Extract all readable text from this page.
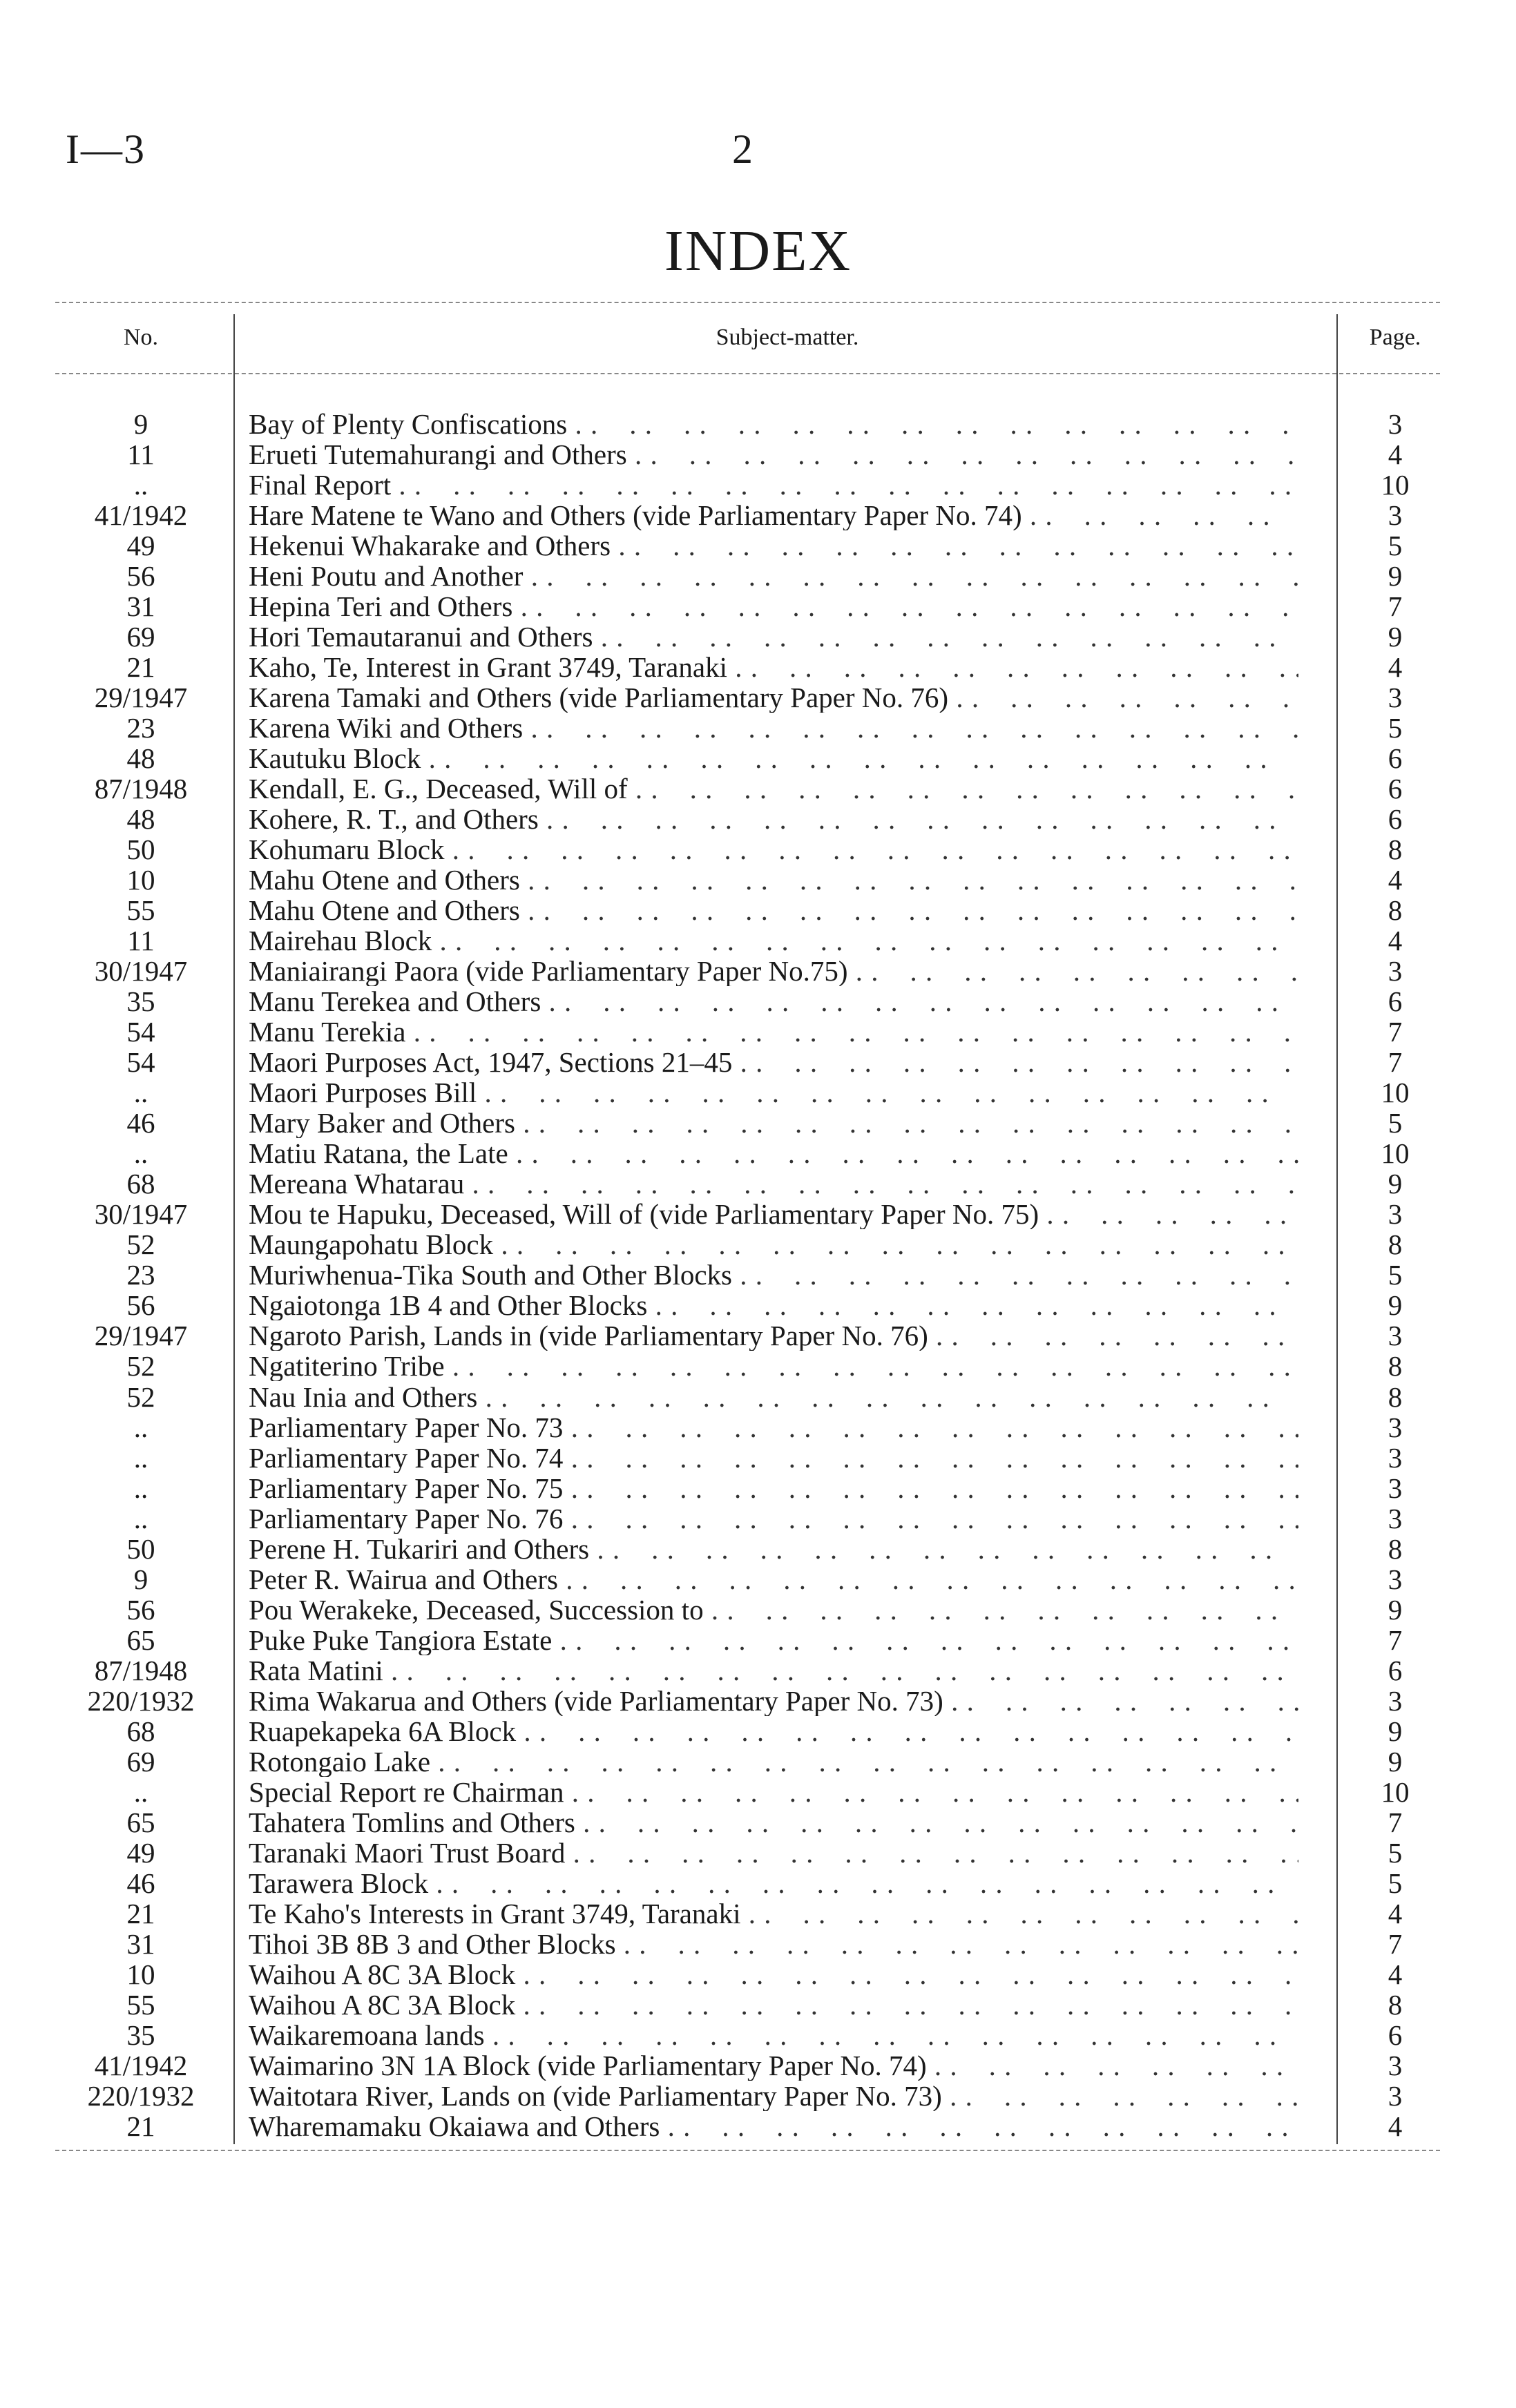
I—3	2
INDEX
No.	Subject-matter.	Page.
9	Bay of Plenty Confiscations . .	3
11	Erueti Tutemahurangi and Others . .	4
..	Final Report . .	10
41/1942	Hare Matene te Wano and Others (vide Parliamentary Paper No. 74) . .	3
49	Hekenui Whakarake and Others . .	5
56	Heni Poutu and Another . .	9
31	Hepina Teri and Others . .	7
69	Hori Temautaranui and Others . .	9
21	Kaho, Te, Interest in Grant 3749, Taranaki . .	4
29/1947	Karena Tamaki and Others (vide Parliamentary Paper No. 76) . .	3
23	Karena Wiki and Others . .	5
48	Kautuku Block . .	6
87/1948	Kendall, E. G., Deceased, Will of . .	6
48	Kohere, R. T., and Others . .	6
50	Kohumaru Block . .	8
10	Mahu Otene and Others . .	4
55	Mahu Otene and Others . .	8
11	Mairehau Block . .	4
30/1947	Maniairangi Paora (vide Parliamentary Paper No.75) . .	3
35	Manu Terekea and Others . .	6
54	Manu Terekia . .	7
54	Maori Purposes Act, 1947, Sections 21–45 . .	7
..	Maori Purposes Bill . .	10
46	Mary Baker and Others . .	5
..	Matiu Ratana, the Late . .	10
68	Mereana Whatarau . .	9
30/1947	Mou te Hapuku, Deceased, Will of (vide Parliamentary Paper No. 75) . .	3
52	Maungapohatu Block . .	8
23	Muriwhenua-Tika South and Other Blocks . .	5
56	Ngaiotonga 1B 4 and Other Blocks . .	9
29/1947	Ngaroto Parish, Lands in (vide Parliamentary Paper No. 76) . .	3
52	Ngatiterino Tribe . .	8
52	Nau Inia and Others . .	8
..	Parliamentary Paper No. 73 . .	3
..	Parliamentary Paper No. 74 . .	3
..	Parliamentary Paper No. 75 . .	3
..	Parliamentary Paper No. 76 . .	3
50	Perene H. Tukariri and Others . .	8
9	Peter R. Wairua and Others . .	3
56	Pou Werakeke, Deceased, Succession to . .	9
65	Puke Puke Tangiora Estate . .	7
87/1948	Rata Matini . .	6
220/1932	Rima Wakarua and Others (vide Parliamentary Paper No. 73) . .	3
68	Ruapekapeka 6A Block . .	9
69	Rotongaio Lake . .	9
..	Special Report re Chairman . .	10
65	Tahatera Tomlins and Others . .	7
49	Taranaki Maori Trust Board . .	5
46	Tarawera Block . .	5
21	Te Kaho's Interests in Grant 3749, Taranaki . .	4
31	Tihoi 3B 8B 3 and Other Blocks . .	7
10	Waihou A 8C 3A Block . .	4
55	Waihou A 8C 3A Block . .	8
35	Waikaremoana lands . .	6
41/1942	Waimarino 3N 1A Block (vide Parliamentary Paper No. 74) . .	3
220/1932	Waitotara River, Lands on (vide Parliamentary Paper No. 73) . .	3
21	Wharemamaku Okaiawa and Others . .	4
